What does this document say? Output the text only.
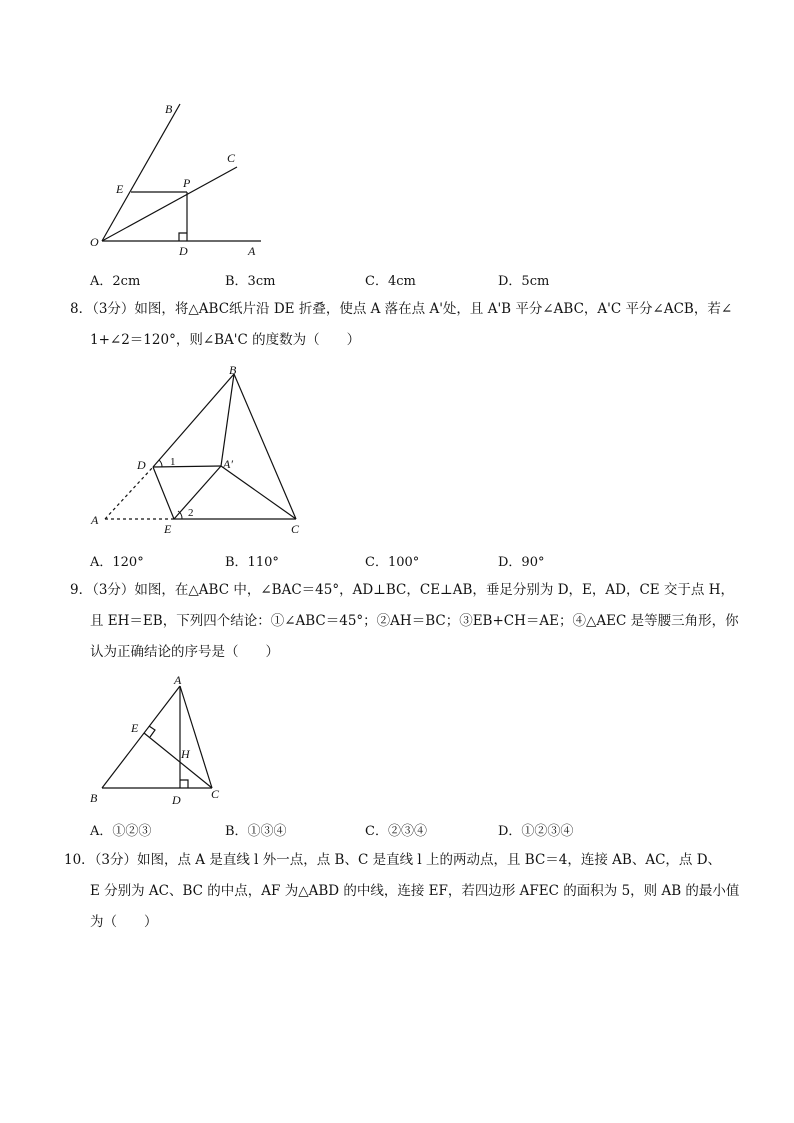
B
C
E	P
O
D	A
A．2cm	B．3cm	C．4cm	D．5cm
8．（3分）如图，将△ABC纸片沿 DE 折叠，使点 A 落在点 A'处，且 A'B 平分∠ABC，A'C 平分∠ACB，若∠
1+∠2＝120°，则∠BA'C 的度数为（　　）
B
D 1	A′
2
A
E	C
A．120°	B．110°	C．100°	D．90°
9．（3分）如图，在△ABC 中，∠BAC＝45°，AD⊥BC，CE⊥AB，垂足分别为 D，E，AD，CE 交于点 H，
且 EH＝EB，下列四个结论：①∠ABC＝45°；②AH＝BC；③EB+CH＝AE；④△AEC 是等腰三角形，你
认为正确结论的序号是（　　）
A
E
H
B	D	C
A．①②③	B．①③④	C．②③④	D．①②③④
10．（3分）如图，点 A 是直线 l 外一点，点 B、C 是直线 l 上的两动点，且 BC＝4，连接 AB、AC，点 D、
E 分别为 AC、BC 的中点，AF 为△ABD 的中线，连接 EF，若四边形 AFEC 的面积为 5，则 AB 的最小值
为（　　）
